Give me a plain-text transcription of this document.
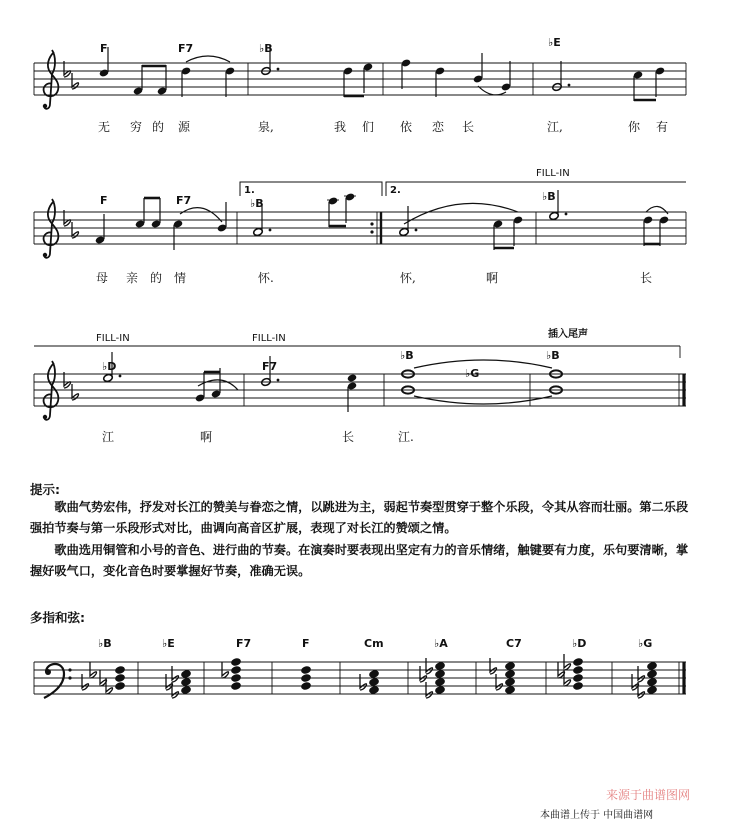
F	F7	♭B	♭E
无 穷 的 源	泉,	我 们 依 恋 长	江,	你 有
1.	2.
FILL-IN
F	F7	♭B
♭B
母 亲 的 情	怀.	怀,	啊	长
FILL-IN	FILL-IN	插入尾声
♭D	F7
♭B
♭G
♭B
江	啊	长	江.
♭B	♭E	F7	F	Cm	♭A	C7	♭D	♭G
提示:
歌曲气势宏伟，抒发对长江的赞美与眷恋之情，以跳进为主，弱起节奏型贯穿于整个乐段，令其从容而壮丽。第二乐段强拍节奏与第一乐段形式对比，曲调向高音区扩展，表现了对长江的赞颂之情。
歌曲选用铜管和小号的音色、进行曲的节奏。在演奏时要表现出坚定有力的音乐情绪，触键要有力度，乐句要清晰，掌握好吸气口，变化音色时要掌握好节奏，准确无误。
多指和弦:
本曲谱上传于 中国曲谱网
来源于曲谱图网
